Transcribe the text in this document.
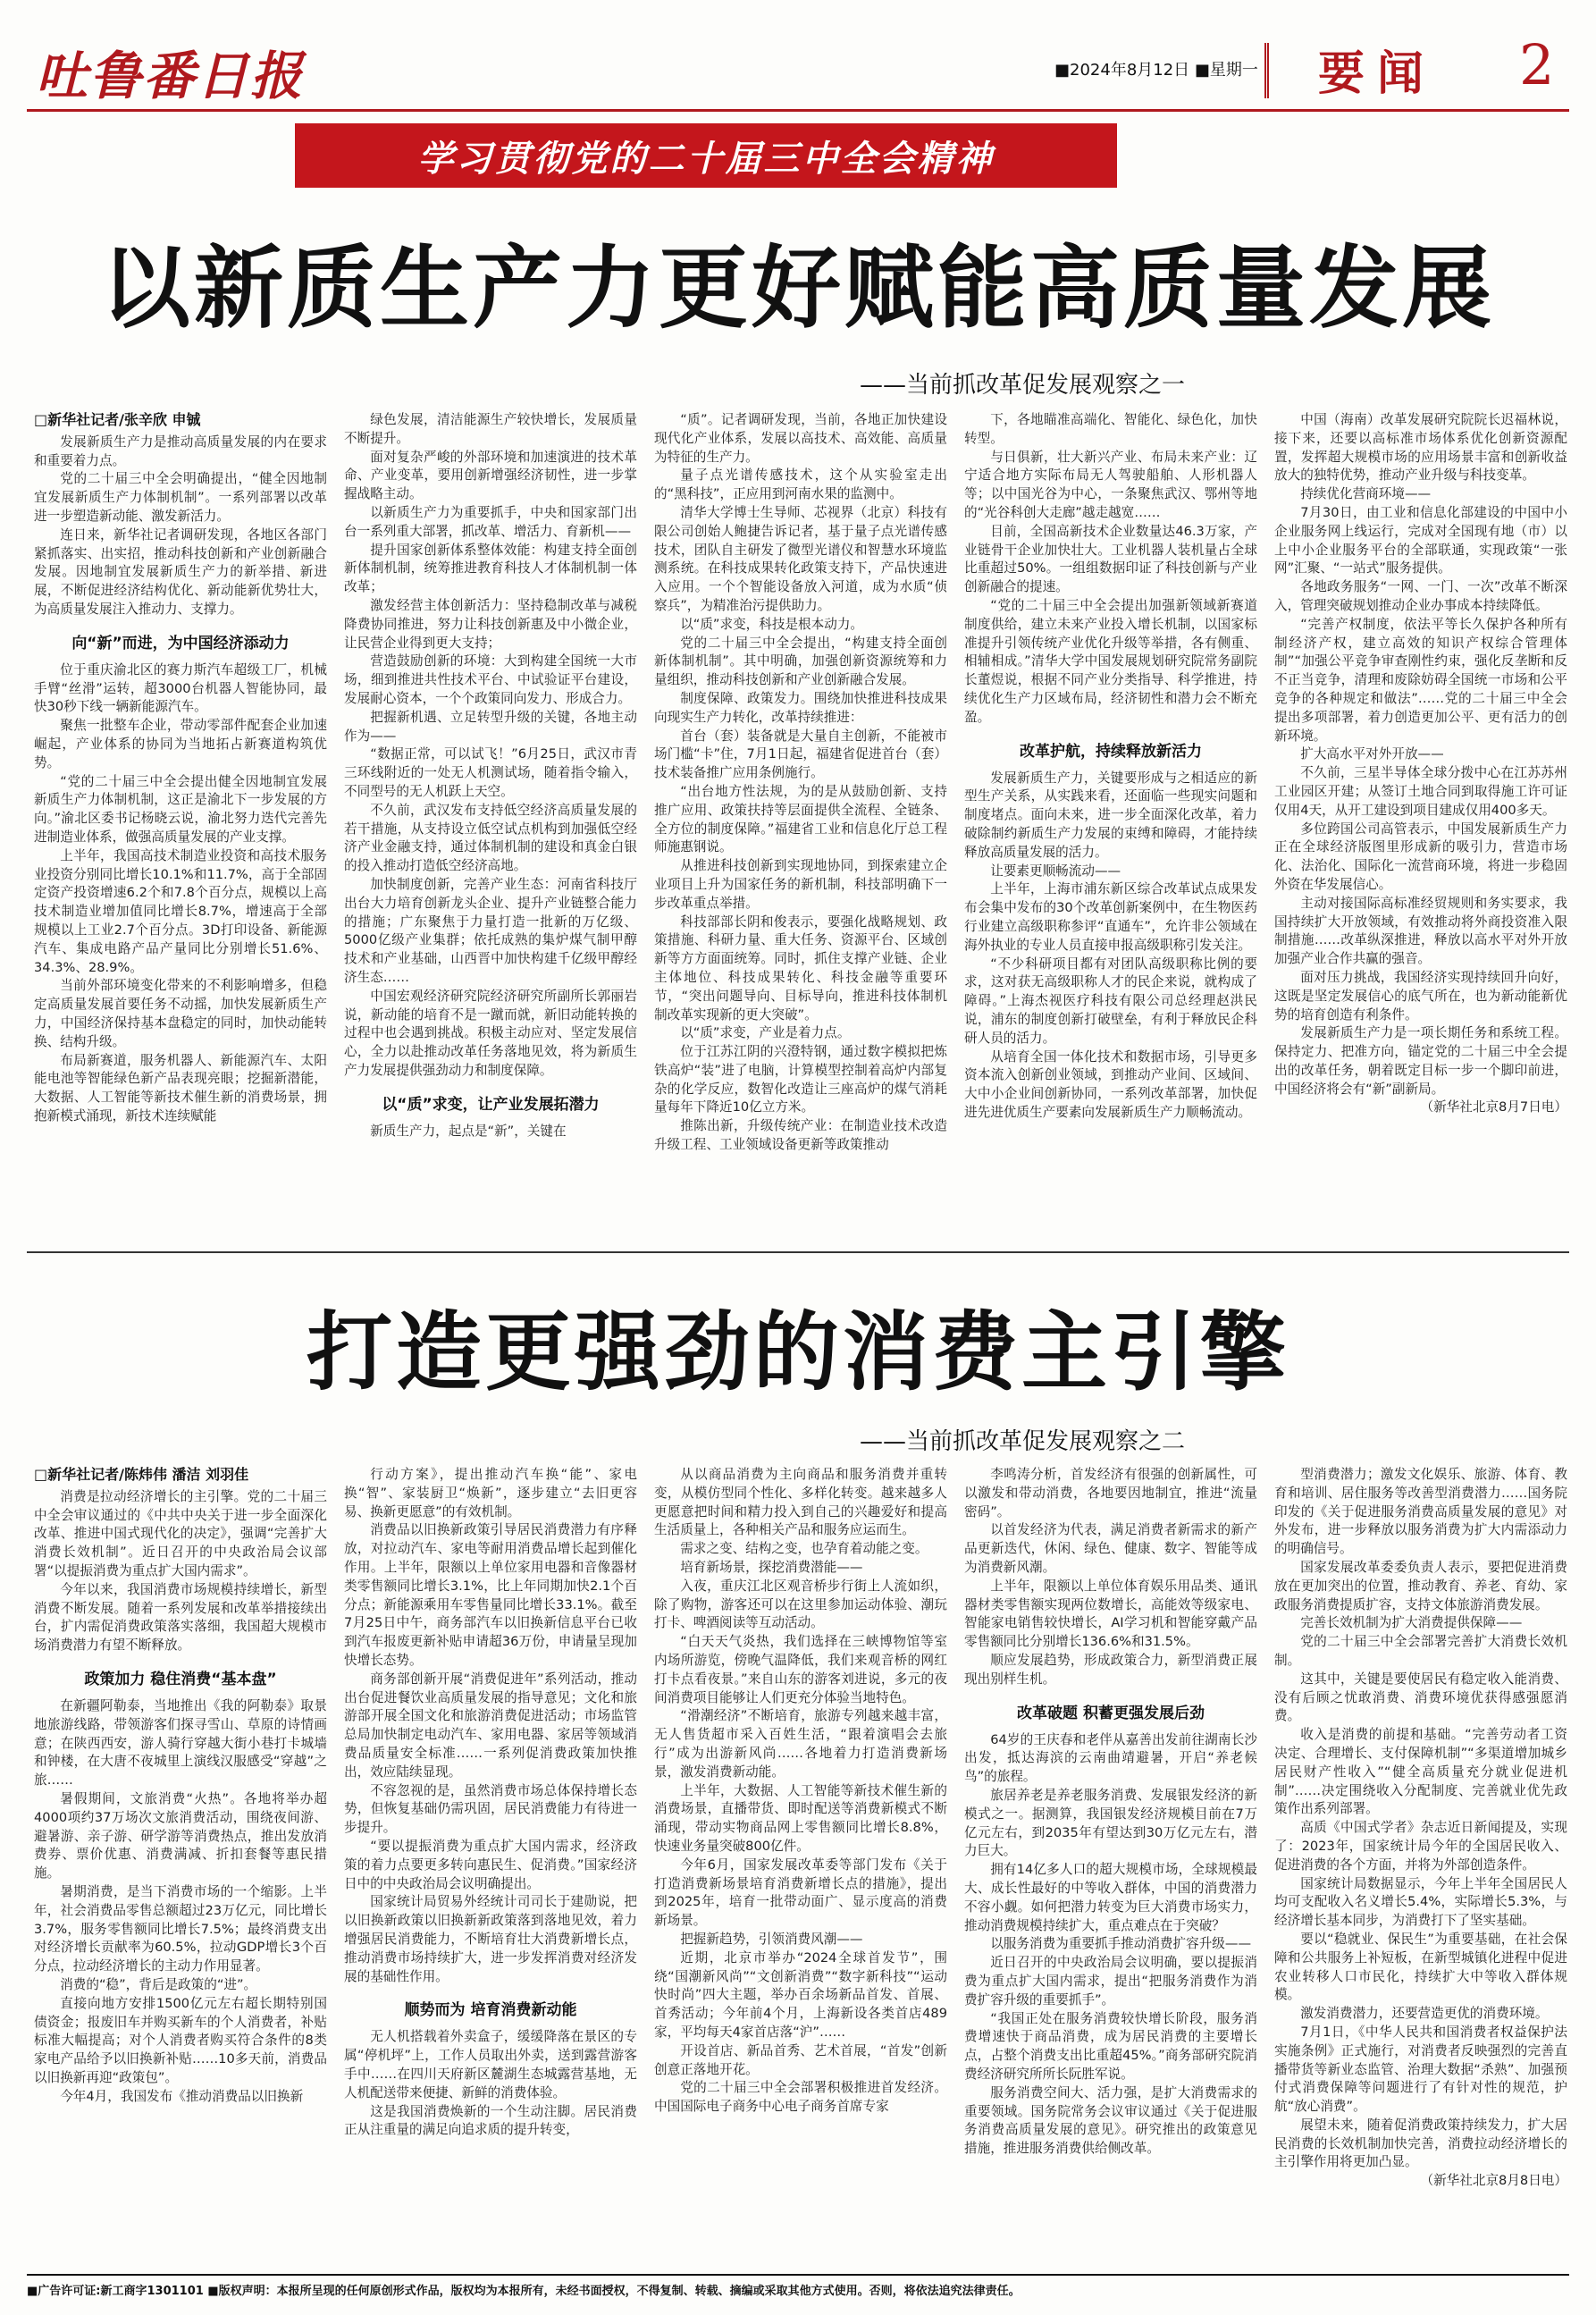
吐鲁番日报	■2024年8月12日 ■星期一 要闻 2
学习贯彻党的二十届三中全会精神
以新质生产力更好赋能高质量发展
——当前抓改革促发展观察之一

□新华社记者/张辛欣 申铖

发展新质生产力是推动高质量发展的内在要求和重要着力点。

党的二十届三中全会明确提出，“健全因地制宜发展新质生产力体制机制”。一系列部署以改革进一步塑造新动能、激发新活力。

连日来，新华社记者调研发现，各地区各部门紧抓落实、出实招，推动科技创新和产业创新融合发展。因地制宜发展新质生产力的新举措、新进展，不断促进经济结构优化、新动能新优势壮大，为高质量发展注入推动力、支撑力。

向“新”而进，为中国经济添动力

位于重庆渝北区的赛力斯汽车超级工厂，机械手臂“丝滑”运转，超3000台机器人智能协同，最快30秒下线一辆新能源汽车。

聚焦一批整车企业，带动零部件配套企业加速崛起，产业体系的协同为当地拓占新赛道构筑优势。

“党的二十届三中全会提出健全因地制宜发展新质生产力体制机制，这正是渝北下一步发展的方向。”渝北区委书记杨晓云说，渝北努力迭代完善先进制造业体系，做强高质量发展的产业支撑。

上半年，我国高技术制造业投资和高技术服务业投资分别同比增长10.1%和11.7%，高于全部固定资产投资增速6.2个和7.8个百分点，规模以上高技术制造业增加值同比增长8.7%，增速高于全部规模以上工业2.7个百分点。3D打印设备、新能源汽车、集成电路产品产量同比分别增长51.6%、34.3%、28.9%。

当前外部环境变化带来的不利影响增多，但稳定高质量发展首要任务不动摇，加快发展新质生产力，中国经济保持基本盘稳定的同时，加快动能转换、结构升级。

布局新赛道，服务机器人、新能源汽车、太阳能电池等智能绿色新产品表现亮眼；挖掘新潜能，大数据、人工智能等新技术催生新的消费场景，拥抱新模式涌现，新技术连续赋能

绿色发展，清洁能源生产较快增长，发展质量不断提升。

面对复杂严峻的外部环境和加速演进的技术革命、产业变革，要用创新增强经济韧性，进一步掌握战略主动。

以新质生产力为重要抓手，中央和国家部门出台一系列重大部署，抓改革、增活力、育新机——

提升国家创新体系整体效能：构建支持全面创新体制机制，统筹推进教育科技人才体制机制一体改革；

激发经营主体创新活力：坚持稳制改革与减税降费协同推进，努力让科技创新惠及中小微企业，让民营企业得到更大支持；

营造鼓励创新的环境：大到构建全国统一大市场，细到推进共性技术平台、中试验证平台建设，发展耐心资本，一个个政策同向发力、形成合力。

把握新机遇、立足转型升级的关键，各地主动作为——

“数据正常，可以试飞！”6月25日，武汉市青三环线附近的一处无人机测试场，随着指令输入，不同型号的无人机跃上天空。

不久前，武汉发布支持低空经济高质量发展的若干措施，从支持设立低空试点机构到加强低空经济产业金融支持，通过体制机制的建设和真金白银的投入推动打造低空经济高地。

加快制度创新，完善产业生态：河南省科技厅出台大力培育创新龙头企业、提升产业链整合能力的措施；广东聚焦于力量打造一批新的万亿级、5000亿级产业集群；依托成熟的集炉煤气制甲醇技术和产业基础，山西晋中加快构建千亿级甲醇经济生态……

中国宏观经济研究院经济研究所副所长郭丽岩说，新动能的培育不是一蹴而就，新旧动能转换的过程中也会遇到挑战。积极主动应对、坚定发展信心，全力以赴推动改革任务落地见效，将为新质生产力发展提供强劲动力和制度保障。

以“质”求变，让产业发展拓潜力

新质生产力，起点是“新”，关键在

“质”。记者调研发现，当前，各地正加快建设现代化产业体系，发展以高技术、高效能、高质量为特征的生产力。

量子点光谱传感技术，这个从实验室走出的“黑科技”，正应用到河南水果的监测中。

清华大学博士生导师、芯视界（北京）科技有限公司创始人鲍捷告诉记者，基于量子点光谱传感技术，团队自主研发了微型光谱仪和智慧水环境监测系统。在科技成果转化政策支持下，产品快速进入应用。一个个智能设备放入河道，成为水质“侦察兵”，为精准治污提供助力。

以“质”求变，科技是根本动力。

党的二十届三中全会提出，“构建支持全面创新体制机制”。其中明确，加强创新资源统筹和力量组织，推动科技创新和产业创新融合发展。

制度保障、政策发力。围绕加快推进科技成果向现实生产力转化，改革持续推进：

首台（套）装备就是大量自主创新，不能被市场门槛“卡”住，7月1日起，福建省促进首台（套）技术装备推广应用条例施行。

“出台地方性法规，为的是从鼓励创新、支持推广应用、政策扶持等层面提供全流程、全链条、全方位的制度保障。”福建省工业和信息化厅总工程师施惠钢说。

从推进科技创新到实现地协同，到探索建立企业项目上升为国家任务的新机制，科技部明确下一步改革重点举措。

科技部部长阴和俊表示，要强化战略规划、政策措施、科研力量、重大任务、资源平台、区域创新等方方面面统筹。同时，抓住支撑产业链、企业主体地位、科技成果转化、科技金融等重要环节，“突出问题导向、目标导向，推进科技体制机制改革实现新的更大突破”。

以“质”求变，产业是着力点。

位于江苏江阴的兴澄特钢，通过数字模拟把炼铁高炉“装”进了电脑，计算模型控制着高炉内部复杂的化学反应，数智化改造让三座高炉的煤气消耗量每年下降近10亿立方米。

推陈出新，升级传统产业：在制造业技术改造升级工程、工业领域设备更新等政策推动

下，各地瞄准高端化、智能化、绿色化，加快转型。

与日俱新，壮大新兴产业、布局未来产业：辽宁适合地方实际布局无人驾驶船舶、人形机器人等；以中国光谷为中心，一条聚焦武汉、鄂州等地的“光谷科创大走廊”越走越宽……

目前，全国高新技术企业数量达46.3万家，产业链骨干企业加快壮大。工业机器人装机量占全球比重超过50%。一组组数据印证了科技创新与产业创新融合的提速。

“党的二十届三中全会提出加强新领域新赛道制度供给，建立未来产业投入增长机制，以国家标准提升引领传统产业优化升级等举措，各有侧重、相辅相成。”清华大学中国发展规划研究院常务副院长董煜说，根据不同产业分类指导、科学推进，持续优化生产力区域布局，经济韧性和潜力会不断充盈。

改革护航，持续释放新活力

发展新质生产力，关键要形成与之相适应的新型生产关系，从实践来看，还面临一些现实问题和制度堵点。面向未来，进一步全面深化改革，着力破除制约新质生产力发展的束缚和障碍，才能持续释放高质量发展的活力。

让要素更顺畅流动——

上半年，上海市浦东新区综合改革试点成果发布会集中发布的30个改革创新案例中，在生物医药行业建立高级职称参评“直通车”，允许非公领域在海外执业的专业人员直接申报高级职称引发关注。

“不少科研项目都有对团队高级职称比例的要求，这对获无高级职称人才的民企来说，就构成了障碍。”上海杰视医疗科技有限公司总经理赵洪民说，浦东的制度创新打破壁垒，有利于释放民企科研人员的活力。

从培育全国一体化技术和数据市场，引导更多资本流入创新创业领域，到推动产业间、区域间、大中小企业间创新协同，一系列改革部署，加快促进先进优质生产要素向发展新质生产力顺畅流动。

中国（海南）改革发展研究院院长迟福林说，接下来，还要以高标准市场体系优化创新资源配置，发挥超大规模市场的应用场景丰富和创新收益放大的独特优势，推动产业升级与科技变革。

持续优化营商环境——

7月30日，由工业和信息化部建设的中国中小企业服务网上线运行，完成对全国现有地（市）以上中小企业服务平台的全部联通，实现政策“一张网”汇聚、“一站式”服务提供。

各地政务服务“一网、一门、一次”改革不断深入，管理突破规划推动企业办事成本持续降低。

“完善产权制度，依法平等长久保护各种所有制经济产权，建立高效的知识产权综合管理体制”“加强公平竞争审查刚性约束，强化反垄断和反不正当竞争，清理和废除妨碍全国统一市场和公平竞争的各种规定和做法”……党的二十届三中全会提出多项部署，着力创造更加公平、更有活力的创新环境。

扩大高水平对外开放——

不久前，三星半导体全球分拨中心在江苏苏州工业园区开建；从签订土地合同到取得施工许可证仅用4天，从开工建设到项目建成仅用400多天。

多位跨国公司高管表示，中国发展新质生产力正在全球经济版图里形成新的吸引力，营造市场化、法治化、国际化一流营商环境，将进一步稳固外资在华发展信心。

主动对接国际高标准经贸规则和务实要求，我国持续扩大开放领域，有效推动将外商投资准入限制措施……改革纵深推进，释放以高水平对外开放加强产业合作共赢的强音。

面对压力挑战，我国经济实现持续回升向好，这既是坚定发展信心的底气所在，也为新动能新优势的培育创造有利条件。

发展新质生产力是一项长期任务和系统工程。保持定力、把准方向，锚定党的二十届三中全会提出的改革任务，朝着既定目标一步一个脚印前进，中国经济将会有“新”副新局。

（新华社北京8月7日电）

打造更强劲的消费主引擎
——当前抓改革促发展观察之二

□新华社记者/陈炜伟 潘洁 刘羽佳

消费是拉动经济增长的主引擎。党的二十届三中全会审议通过的《中共中央关于进一步全面深化改革、推进中国式现代化的决定》，强调“完善扩大消费长效机制”。近日召开的中央政治局会议部署“以提振消费为重点扩大国内需求”。

今年以来，我国消费市场规模持续增长，新型消费不断发展。随着一系列发展和改革举措接续出台，扩内需促消费政策落实落细，我国超大规模市场消费潜力有望不断释放。

政策加力 稳住消费“基本盘”

在新疆阿勒泰，当地推出《我的阿勒泰》取景地旅游线路，带领游客们探寻雪山、草原的诗情画意；在陕西西安，游人骑行穿越大街小巷打卡城墙和钟楼，在大唐不夜城里上演线汉服感受“穿越”之旅……

暑假期间，文旅消费“火热”。各地将举办超4000项约37万场次文旅消费活动，围绕夜间游、避暑游、亲子游、研学游等消费热点，推出发放消费券、票价优惠、消费满减、折扣套餐等惠民措施。

暑期消费，是当下消费市场的一个缩影。上半年，社会消费品零售总额超过23万亿元，同比增长3.7%，服务零售额同比增长7.5%；最终消费支出对经济增长贡献率为60.5%，拉动GDP增长3个百分点，拉动经济增长的主动力作用显著。

消费的“稳”，背后是政策的“进”。

直接向地方安排1500亿元左右超长期特别国债资金；报废旧车并购买新车的个人消费者，补贴标准大幅提高；对个人消费者购买符合条件的8类家电产品给予以旧换新补贴……10多天前，消费品以旧换新再迎“政策包”。

今年4月，我国发布《推动消费品以旧换新

行动方案》，提出推动汽车换“能”、家电换“智”、家装厨卫“焕新”，逐步建立“去旧更容易、换新更愿意”的有效机制。

消费品以旧换新政策引导居民消费潜力有序释放，对拉动汽车、家电等耐用消费品增长起到催化作用。上半年，限额以上单位家用电器和音像器材类零售额同比增长3.1%，比上年同期加快2.1个百分点；新能源乘用车零售量同比增长33.1%。截至7月25日中午，商务部汽车以旧换新信息平台已收到汽车报废更新补贴申请超36万份，申请量呈现加快增长态势。

商务部创新开展“消费促进年”系列活动，推动出台促进餐饮业高质量发展的指导意见；文化和旅游部开展全国文化和旅游消费促进活动；市场监管总局加快制定电动汽车、家用电器、家居等领域消费品质量安全标准……一系列促消费政策加快推出，效应陆续显现。

不容忽视的是，虽然消费市场总体保持增长态势，但恢复基础仍需巩固，居民消费能力有待进一步提升。

“要以提振消费为重点扩大国内需求，经济政策的着力点要更多转向惠民生、促消费。”国家经济日中的中央政治局会议明确提出。

国家统计局贸易外经统计司司长于建勋说，把以旧换新政策以旧换新新政策落到落地见效，着力增强居民消费能力，不断培育壮大消费新增长点，推动消费市场持续扩大，进一步发挥消费对经济发展的基础性作用。

顺势而为 培育消费新动能

无人机搭载着外卖盒子，缓缓降落在景区的专属“停机坪”上，工作人员取出外卖，送到露营游客手中……在四川天府新区麓湖生态城露营基地，无人机配送带来便捷、新鲜的消费体验。

这是我国消费焕新的一个生动注脚。居民消费正从注重量的满足向追求质的提升转变，

从以商品消费为主向商品和服务消费并重转变，从模仿型同个性化、多样化转变。越来越多人更愿意把时间和精力投入到自己的兴趣爱好和提高生活质量上，各种相关产品和服务应运而生。

需求之变、结构之变，也孕育着动能之变。

培育新场景，探挖消费潜能——

入夜，重庆江北区观音桥步行街上人流如织，除了购物，游客还可以在这里参加运动体验、潮玩打卡、啤酒阅读等互动活动。

“白天天气炎热，我们选择在三峡博物馆等室内场所游览，傍晚气温降低，我们来观音桥的网红打卡点看夜景。”来自山东的游客刘进说，多元的夜间消费项目能够让人们更充分体验当地特色。

“滑潮经济”不断培育，旅游专列越来越丰富，无人售货超市采入百姓生活，“跟着演唱会去旅行”成为出游新风尚……各地着力打造消费新场景，激发消费新动能。

上半年，大数据、人工智能等新技术催生新的消费场景，直播带货、即时配送等消费新模式不断涌现，带动实物商品网上零售额同比增长8.8%，快速业务量突破800亿件。

今年6月，国家发展改革委等部门发布《关于打造消费新场景培育消费新增长点的措施》，提出到2025年，培育一批带动面广、显示度高的消费新场景。

把握新趋势，引领消费风潮——

近期，北京市举办“2024全球首发节”，围绕“国潮新风尚”“文创新消费”“数字新科技”“运动快时尚”四大主题，举办百余场新品首发、首展、首秀活动；今年前4个月，上海新设各类首店489家，平均每天4家首店落“沪”……

开设首店、新品首秀、艺术首展，“首发”创新创意正落地开花。

党的二十届三中全会部署积极推进首发经济。中国国际电子商务中心电子商务首席专家

李鸣涛分析，首发经济有很强的创新属性，可以激发和带动消费，各地要因地制宜，推进“流量密码”。

以首发经济为代表，满足消费者新需求的新产品更新迭代，休闲、绿色、健康、数字、智能等成为消费新风潮。

上半年，限额以上单位体育娱乐用品类、通讯器材类零售额实现两位数增长，高能效等级家电、智能家电销售较快增长，AI学习机和智能穿戴产品零售额同比分别增长136.6%和31.5%。

顺应发展趋势，形成政策合力，新型消费正展现出别样生机。

改革破题 积蓄更强发展后劲

64岁的王庆春和老伴从嘉善出发前往湖南长沙出发，抵达海滨的云南曲靖避暑，开启“养老候鸟”的旅程。

旅居养老是养老服务消费、发展银发经济的新模式之一。据测算，我国银发经济规模目前在7万亿元左右，到2035年有望达到30万亿元左右，潜力巨大。

拥有14亿多人口的超大规模市场，全球规模最大、成长性最好的中等收入群体，中国的消费潜力不容小觑。如何把潜力转变为巨大消费市场实力，推动消费规模持续扩大，重点难点在于突破？

以服务消费为重要抓手推动消费扩容升级——

近日召开的中央政治局会议明确，要以提振消费为重点扩大国内需求，提出“把服务消费作为消费扩容升级的重要抓手”。

“我国正处在服务消费较快增长阶段，服务消费增速快于商品消费，成为居民消费的主要增长点，占整个消费支出比重超45%。”商务部研究院消费经济研究所所长阮胜军说。

服务消费空间大、活力强，是扩大消费需求的重要领域。国务院常务会议审议通过《关于促进服务消费高质量发展的意见》。研究推出的政策意见措施，推进服务消费供给侧改革。

型消费潜力；激发文化娱乐、旅游、体育、教育和培训、居住服务等改善型消费潜力……国务院印发的《关于促进服务消费高质量发展的意见》对外发布，进一步释放以服务消费为扩大内需添动力的明确信号。

国家发展改革委委负责人表示，要把促进消费放在更加突出的位置，推动教育、养老、育幼、家政服务消费提质扩容，支持文体旅游消费发展。

完善长效机制为扩大消费提供保障——

党的二十届三中全会部署完善扩大消费长效机制。

这其中，关键是要使居民有稳定收入能消费、没有后顾之忧敢消费、消费环境优获得感强愿消费。

收入是消费的前提和基础。“完善劳动者工资决定、合理增长、支付保障机制”“多渠道增加城乡居民财产性收入”“健全高质量充分就业促进机制”……决定围绕收入分配制度、完善就业优先政策作出系列部署。

高质《中国式学者》杂志近日新闻提及，实现了：2023年，国家统计局今年的全国居民收入、促进消费的各个方面，并将为外部创造条件。

国家统计局数据显示，今年上半年全国居民人均可支配收入名义增长5.4%，实际增长5.3%，与经济增长基本同步，为消费打下了坚实基础。

要以“稳就业、保民生”为重要基础，在社会保障和公共服务上补短板，在新型城镇化进程中促进农业转移人口市民化，持续扩大中等收入群体规模。

激发消费潜力，还要营造更优的消费环境。

7月1日，《中华人民共和国消费者权益保护法实施条例》正式施行，对消费者反映强烈的完善直播带货等新业态监管、治理大数据“杀熟”、加强预付式消费保障等问题进行了有针对性的规范，护航“放心消费”。

展望未来，随着促消费政策持续发力，扩大居民消费的长效机制加快完善，消费拉动经济增长的主引擎作用将更加凸显。

（新华社北京8月8日电）

■广告许可证:新工商字1301101 ■版权声明：本报所呈现的任何原创形式作品，版权均为本报所有，未经书面授权，不得复制、转载、摘编或采取其他方式使用。否则，将依法追究法律责任。
